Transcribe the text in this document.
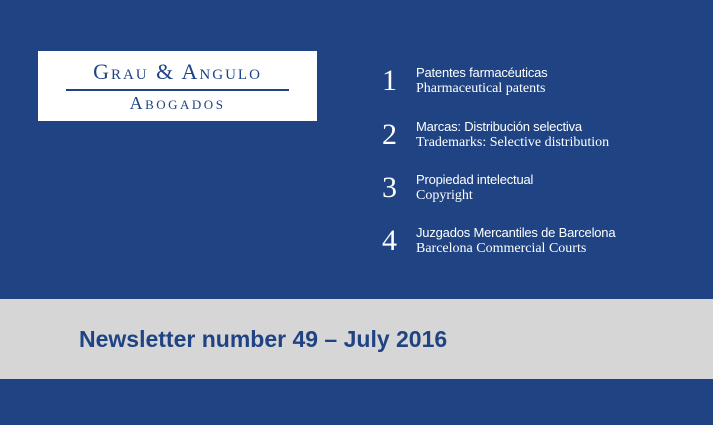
Grau & Angulo
Abogados
1 Patentes farmacéuticas
Pharmaceutical patents
2 Marcas: Distribución selectiva
Trademarks: Selective distribution
3 Propiedad intelectual
Copyright
4 Juzgados Mercantiles de Barcelona
Barcelona Commercial Courts
Newsletter number 49 – July 2016
